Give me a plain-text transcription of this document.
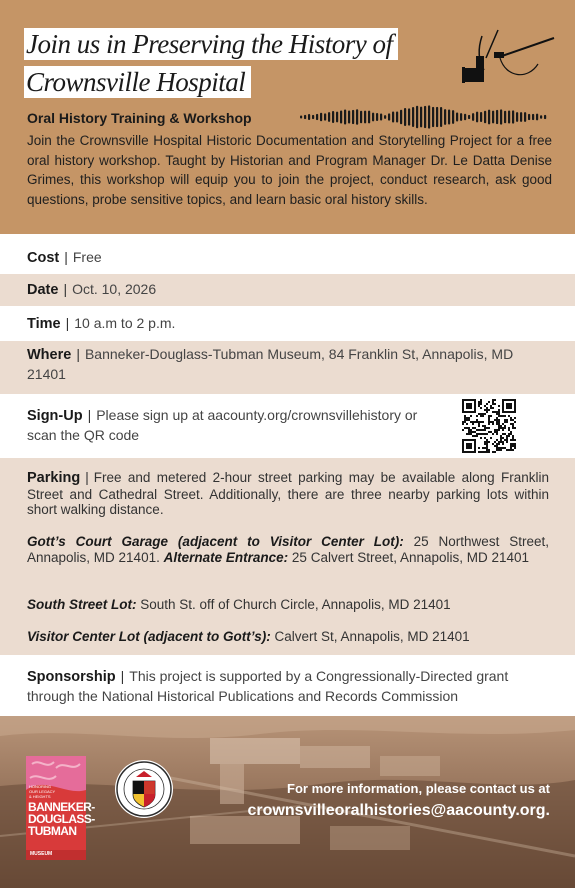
Join us in Preserving the History of
Crownsville Hospital
Oral History Training & Workshop
Join the Crownsville Hospital Historic Documentation and Storytelling Project for a free oral history workshop. Taught by Historian and Program Manager Dr. Le Datta Denise Grimes, this workshop will equip you to join the project, conduct research, ask good questions, probe sensitive topics, and learn basic oral history skills.
Cost | Free
Date | Oct. 10, 2026
Time | 10 a.m to 2 p.m.
Where | Banneker-Douglass-Tubman Museum, 84 Franklin St, Annapolis, MD 21401
Sign-Up | Please sign up at aacounty.org/crownsvillehistory or scan the QR code
Parking | Free and metered 2-hour street parking may be available along Franklin Street and Cathedral Street. Additionally, there are three nearby parking lots within short walking distance.
Gott’s Court Garage (adjacent to Visitor Center Lot): 25 Northwest Street, Annapolis, MD 21401. Alternate Entrance: 25 Calvert Street, Annapolis, MD 21401
South Street Lot: South St. off of Church Circle, Annapolis, MD 21401
Visitor Center Lot (adjacent to Gott’s): Calvert St, Annapolis, MD 21401
Sponsorship | This project is supported by a Congressionally-Directed grant through the National Historical Publications and Records Commission
HONORING
OUR LEGACY
& HEIGHTS
BANNEKER-
DOUGLASS-
TUBMAN
MUSEUM
For more information, please contact us at
crownsvilleoralhistories@aacounty.org.
